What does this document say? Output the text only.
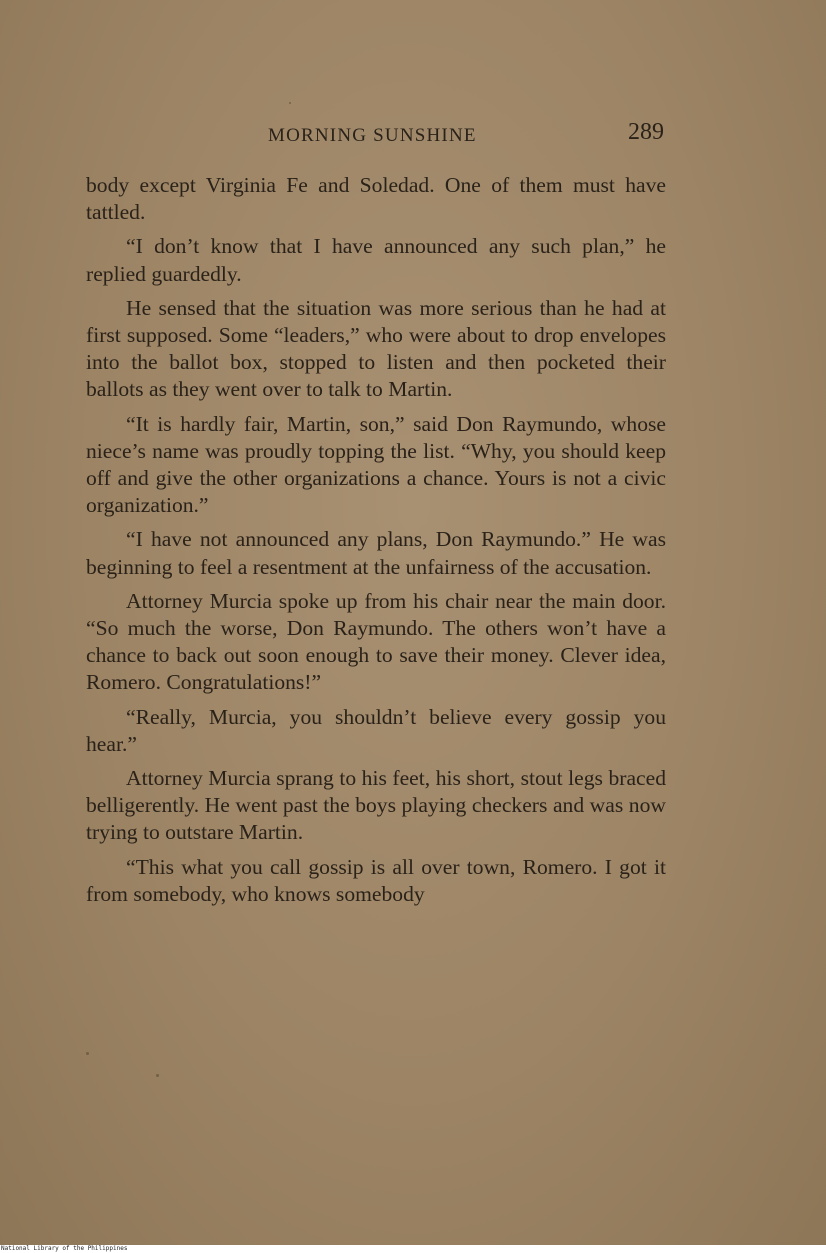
MORNING SUNSHINE	289

body except Virginia Fe and Soledad. One of them must have tattled.

“I don’t know that I have announced any such plan,” he replied guardedly.

He sensed that the situation was more serious than he had at first supposed. Some “leaders,” who were about to drop envelopes into the ballot box, stopped to listen and then pocketed their ballots as they went over to talk to Martin.

“It is hardly fair, Martin, son,” said Don Raymundo, whose niece’s name was proudly topping the list. “Why, you should keep off and give the other organizations a chance. Yours is not a civic organization.”

“I have not announced any plans, Don Raymundo.” He was beginning to feel a resentment at the unfairness of the accusation.

Attorney Murcia spoke up from his chair near the main door. “So much the worse, Don Raymundo. The others won’t have a chance to back out soon enough to save their money. Clever idea, Romero. Congratulations!”

“Really, Murcia, you shouldn’t believe every gossip you hear.”

Attorney Murcia sprang to his feet, his short, stout legs braced belligerently. He went past the boys playing checkers and was now trying to outstare Martin.

“This what you call gossip is all over town, Romero. I got it from somebody, who knows somebody

National Library of the Philippines
